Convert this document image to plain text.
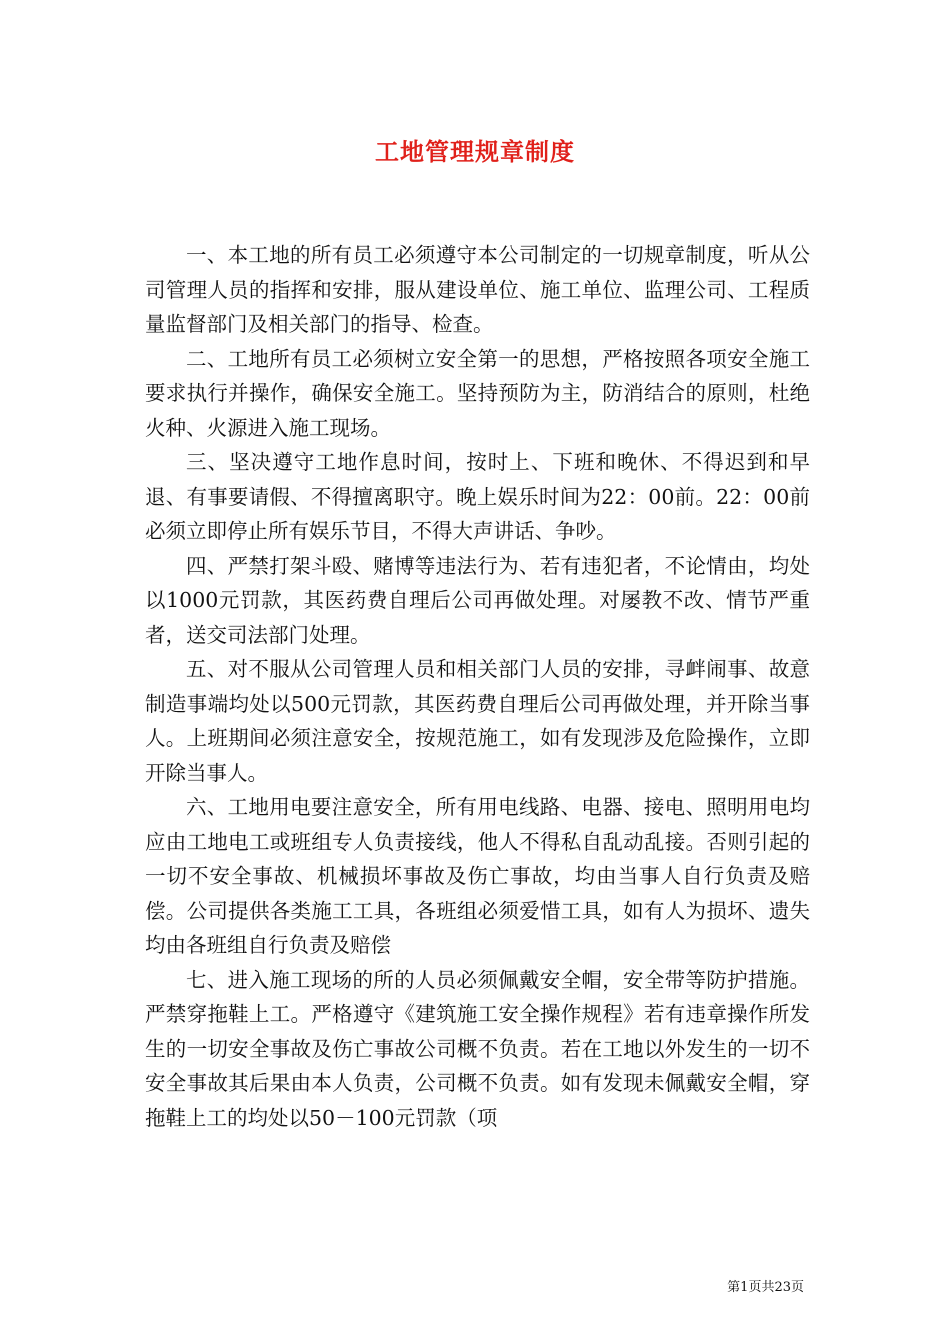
工地管理规章制度

一、本工地的所有员工必须遵守本公司制定的一切规章制度，听从公司管理人员的指挥和安排，服从建设单位、施工单位、监理公司、工程质量监督部门及相关部门的指导、检查。

二、工地所有员工必须树立安全第一的思想，严格按照各项安全施工要求执行并操作，确保安全施工。坚持预防为主，防消结合的原则，杜绝火种、火源进入施工现场。

三、坚决遵守工地作息时间，按时上、下班和晚休、不得迟到和早退、有事要请假、不得擅离职守。晚上娱乐时间为22：00前。22：00前必须立即停止所有娱乐节目，不得大声讲话、争吵。

四、严禁打架斗殴、赌博等违法行为、若有违犯者，不论情由，均处以1000元罚款，其医药费自理后公司再做处理。对屡教不改、情节严重者，送交司法部门处理。

五、对不服从公司管理人员和相关部门人员的安排，寻衅闹事、故意制造事端均处以500元罚款，其医药费自理后公司再做处理，并开除当事人。上班期间必须注意安全，按规范施工，如有发现涉及危险操作，立即开除当事人。

六、工地用电要注意安全，所有用电线路、电器、接电、照明用电均应由工地电工或班组专人负责接线，他人不得私自乱动乱接。否则引起的一切不安全事故、机械损坏事故及伤亡事故，均由当事人自行负责及赔偿。公司提供各类施工工具，各班组必须爱惜工具，如有人为损坏、遗失均由各班组自行负责及赔偿

七、进入施工现场的所的人员必须佩戴安全帽，安全带等防护措施。严禁穿拖鞋上工。严格遵守《建筑施工安全操作规程》若有违章操作所发生的一切安全事故及伤亡事故公司概不负责。若在工地以外发生的一切不安全事故其后果由本人负责，公司概不负责。如有发现未佩戴安全帽，穿拖鞋上工的均处以50－100元罚款（项

第1页共23页
